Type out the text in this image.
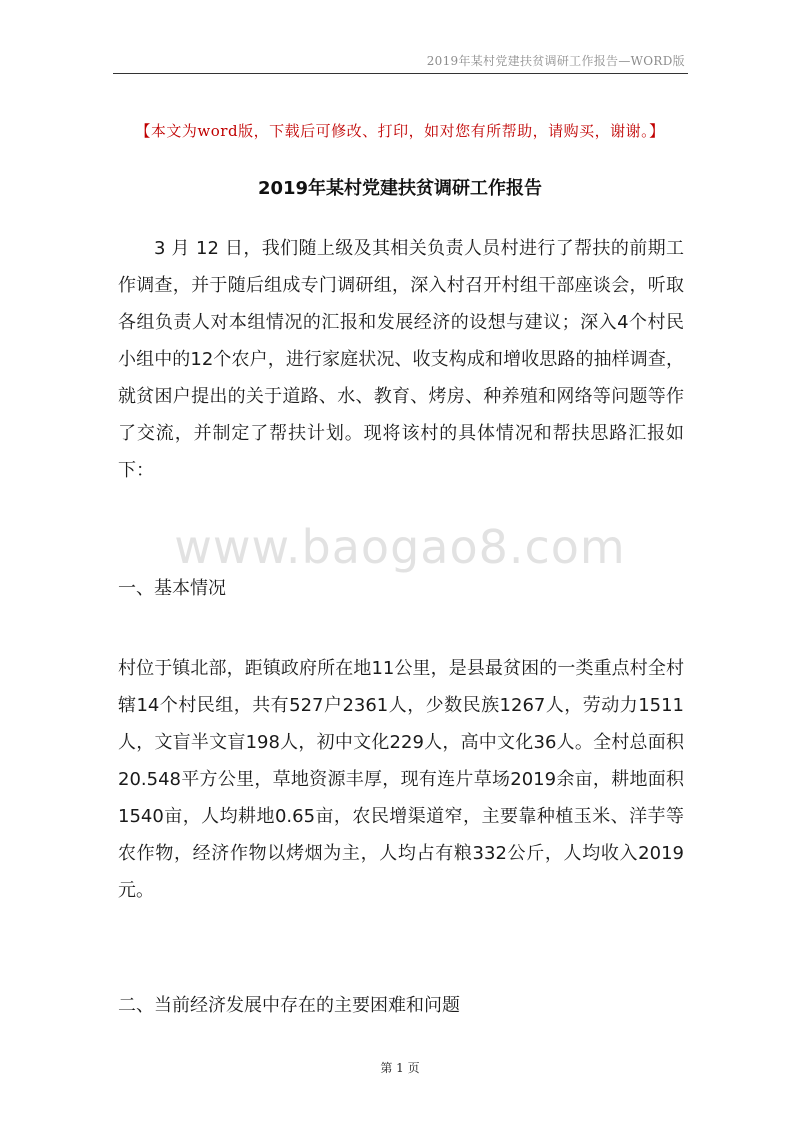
2019年某村党建扶贫调研工作报告—WORD版
【本文为word版，下载后可修改、打印，如对您有所帮助，请购买，谢谢。】
2019年某村党建扶贫调研工作报告

3 月 12 日，我们随上级及其相关负责人员村进行了帮扶的前期工作调查，并于随后组成专门调研组，深入村召开村组干部座谈会，听取各组负责人对本组情况的汇报和发展经济的设想与建议；深入4个村民小组中的12个农户，进行家庭状况、收支构成和增收思路的抽样调查，就贫困户提出的关于道路、水、教育、烤房、种养殖和网络等问题等作了交流，并制定了帮扶计划。现将该村的具体情况和帮扶思路汇报如下：

www.baogao8.com
一、基本情况

村位于镇北部，距镇政府所在地11公里，是县最贫困的一类重点村全村辖14个村民组，共有527户2361人，少数民族1267人，劳动力1511人，文盲半文盲198人，初中文化229人，高中文化36人。全村总面积20.548平方公里，草地资源丰厚，现有连片草场2019余亩，耕地面积1540亩，人均耕地0.65亩，农民增渠道窄，主要靠种植玉米、洋芋等农作物，经济作物以烤烟为主，人均占有粮332公斤，人均收入2019元。

二、当前经济发展中存在的主要困难和问题
第 1 页
